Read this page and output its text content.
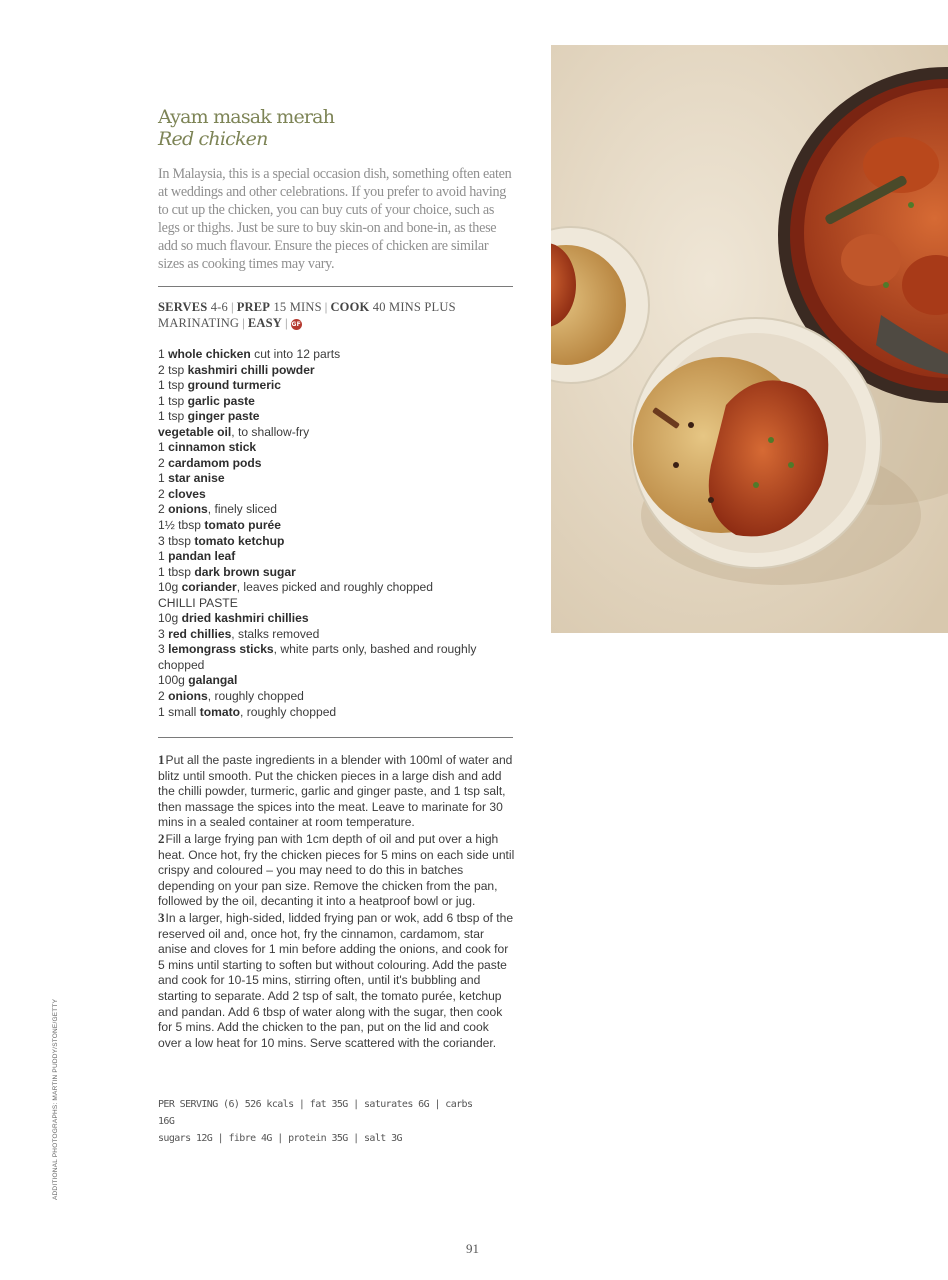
Ayam masak merah
Red chicken
In Malaysia, this is a special occasion dish, something often eaten at weddings and other celebrations. If you prefer to avoid having to cut up the chicken, you can buy cuts of your choice, such as legs or thighs. Just be sure to buy skin-on and bone-in, as these add so much flavour. Ensure the pieces of chicken are similar sizes as cooking times may vary.
SERVES 4-6 | PREP 15 MINS | COOK 40 MINS PLUS MARINATING | EASY | GF
1 whole chicken cut into 12 parts
2 tsp kashmiri chilli powder
1 tsp ground turmeric
1 tsp garlic paste
1 tsp ginger paste
vegetable oil, to shallow-fry
1 cinnamon stick
2 cardamom pods
1 star anise
2 cloves
2 onions, finely sliced
1½ tbsp tomato purée
3 tbsp tomato ketchup
1 pandan leaf
1 tbsp dark brown sugar
10g coriander, leaves picked and roughly chopped
CHILLI PASTE
10g dried kashmiri chillies
3 red chillies, stalks removed
3 lemongrass sticks, white parts only, bashed and roughly chopped
100g galangal
2 onions, roughly chopped
1 small tomato, roughly chopped

1Put all the paste ingredients in a blender with 100ml of water and blitz until smooth. Put the chicken pieces in a large dish and add the chilli powder, turmeric, garlic and ginger paste, and 1 tsp salt, then massage the spices into the meat. Leave to marinate for 30 mins in a sealed container at room temperature.

2Fill a large frying pan with 1cm depth of oil and put over a high heat. Once hot, fry the chicken pieces for 5 mins on each side until crispy and coloured – you may need to do this in batches depending on your pan size. Remove the chicken from the pan, followed by the oil, decanting it into a heatproof bowl or jug.

3In a larger, high-sided, lidded frying pan or wok, add 6 tbsp of the reserved oil and, once hot, fry the cinnamon, cardamom, star anise and cloves for 1 min before adding the onions, and cook for 5 mins until starting to soften but without colouring. Add the paste and cook for 10-15 mins, stirring often, until it's bubbling and starting to separate. Add 2 tsp of salt, the tomato purée, ketchup and pandan. Add 6 tbsp of water along with the sugar, then cook for 5 mins. Add the chicken to the pan, put on the lid and cook over a low heat for 10 mins. Serve scattered with the coriander.

PER SERVING (6) 526 kcals | fat 35G | saturates 6G | carbs 16G
sugars 12G | fibre 4G | protein 35G | salt 3G
ADDITIONAL PHOTOGRAPHS: MARTIN PUDDY/STONE/GETTY
91
